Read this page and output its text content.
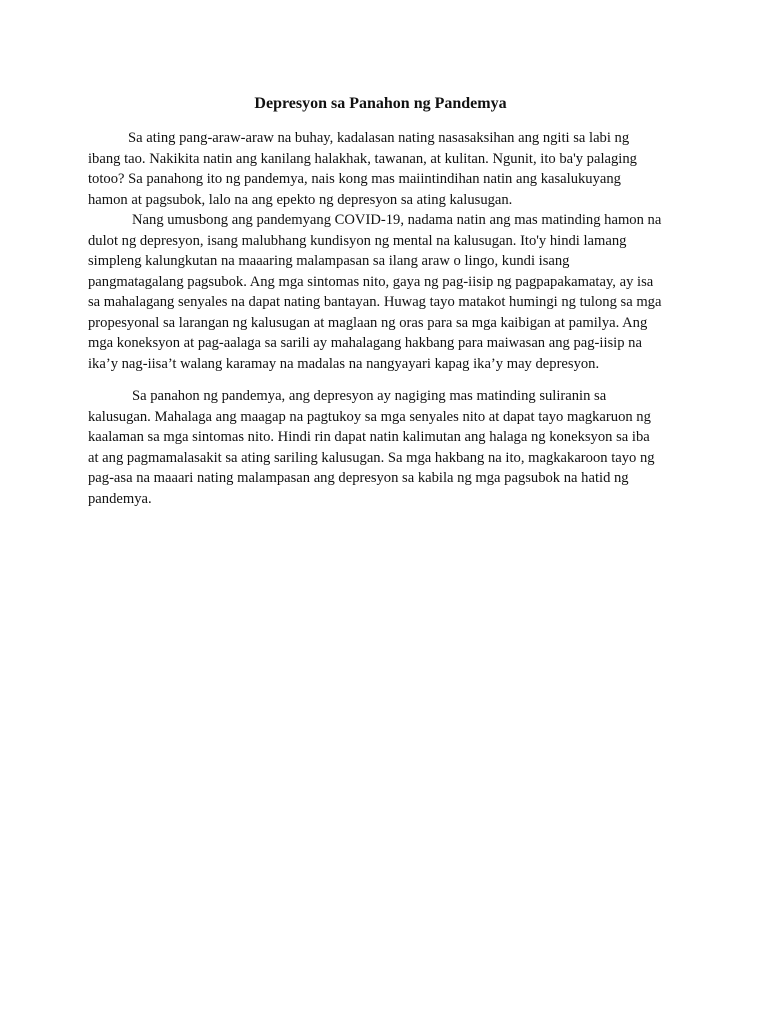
Depresyon sa Panahon ng Pandemya

Sa ating pang-araw-araw na buhay, kadalasan nating nasasaksihan ang ngiti sa labi ng ibang tao. Nakikita natin ang kanilang halakhak, tawanan, at kulitan. Ngunit, ito ba'y palaging totoo? Sa panahong ito ng pandemya, nais kong mas maiintindihan natin ang kasalukuyang hamon at pagsubok, lalo na ang epekto ng depresyon sa ating kalusugan.

Nang umusbong ang pandemyang COVID-19, nadama natin ang mas matinding hamon na dulot ng depresyon, isang malubhang kundisyon ng mental na kalusugan. Ito'y hindi lamang simpleng kalungkutan na maaaring malampasan sa ilang araw o lingo, kundi isang pangmatagalang pagsubok. Ang mga sintomas nito, gaya ng pag-iisip ng pagpapakamatay, ay isa sa mahalagang senyales na dapat nating bantayan. Huwag tayo matakot humingi ng tulong sa mga propesyonal sa larangan ng kalusugan at maglaan ng oras para sa mga kaibigan at pamilya. Ang mga koneksyon at pag-aalaga sa sarili ay mahalagang hakbang para maiwasan ang pag-iisip na ika’y nag-iisa’t walang karamay na madalas na nangyayari kapag ika’y may depresyon.

Sa panahon ng pandemya, ang depresyon ay nagiging mas matinding suliranin sa kalusugan. Mahalaga ang maagap na pagtukoy sa mga senyales nito at dapat tayo magkaruon ng kaalaman sa mga sintomas nito. Hindi rin dapat natin kalimutan ang halaga ng koneksyon sa iba at ang pagmamalasakit sa ating sariling kalusugan. Sa mga hakbang na ito, magkakaroon tayo ng pag-asa na maaari nating malampasan ang depresyon sa kabila ng mga pagsubok na hatid ng pandemya.
